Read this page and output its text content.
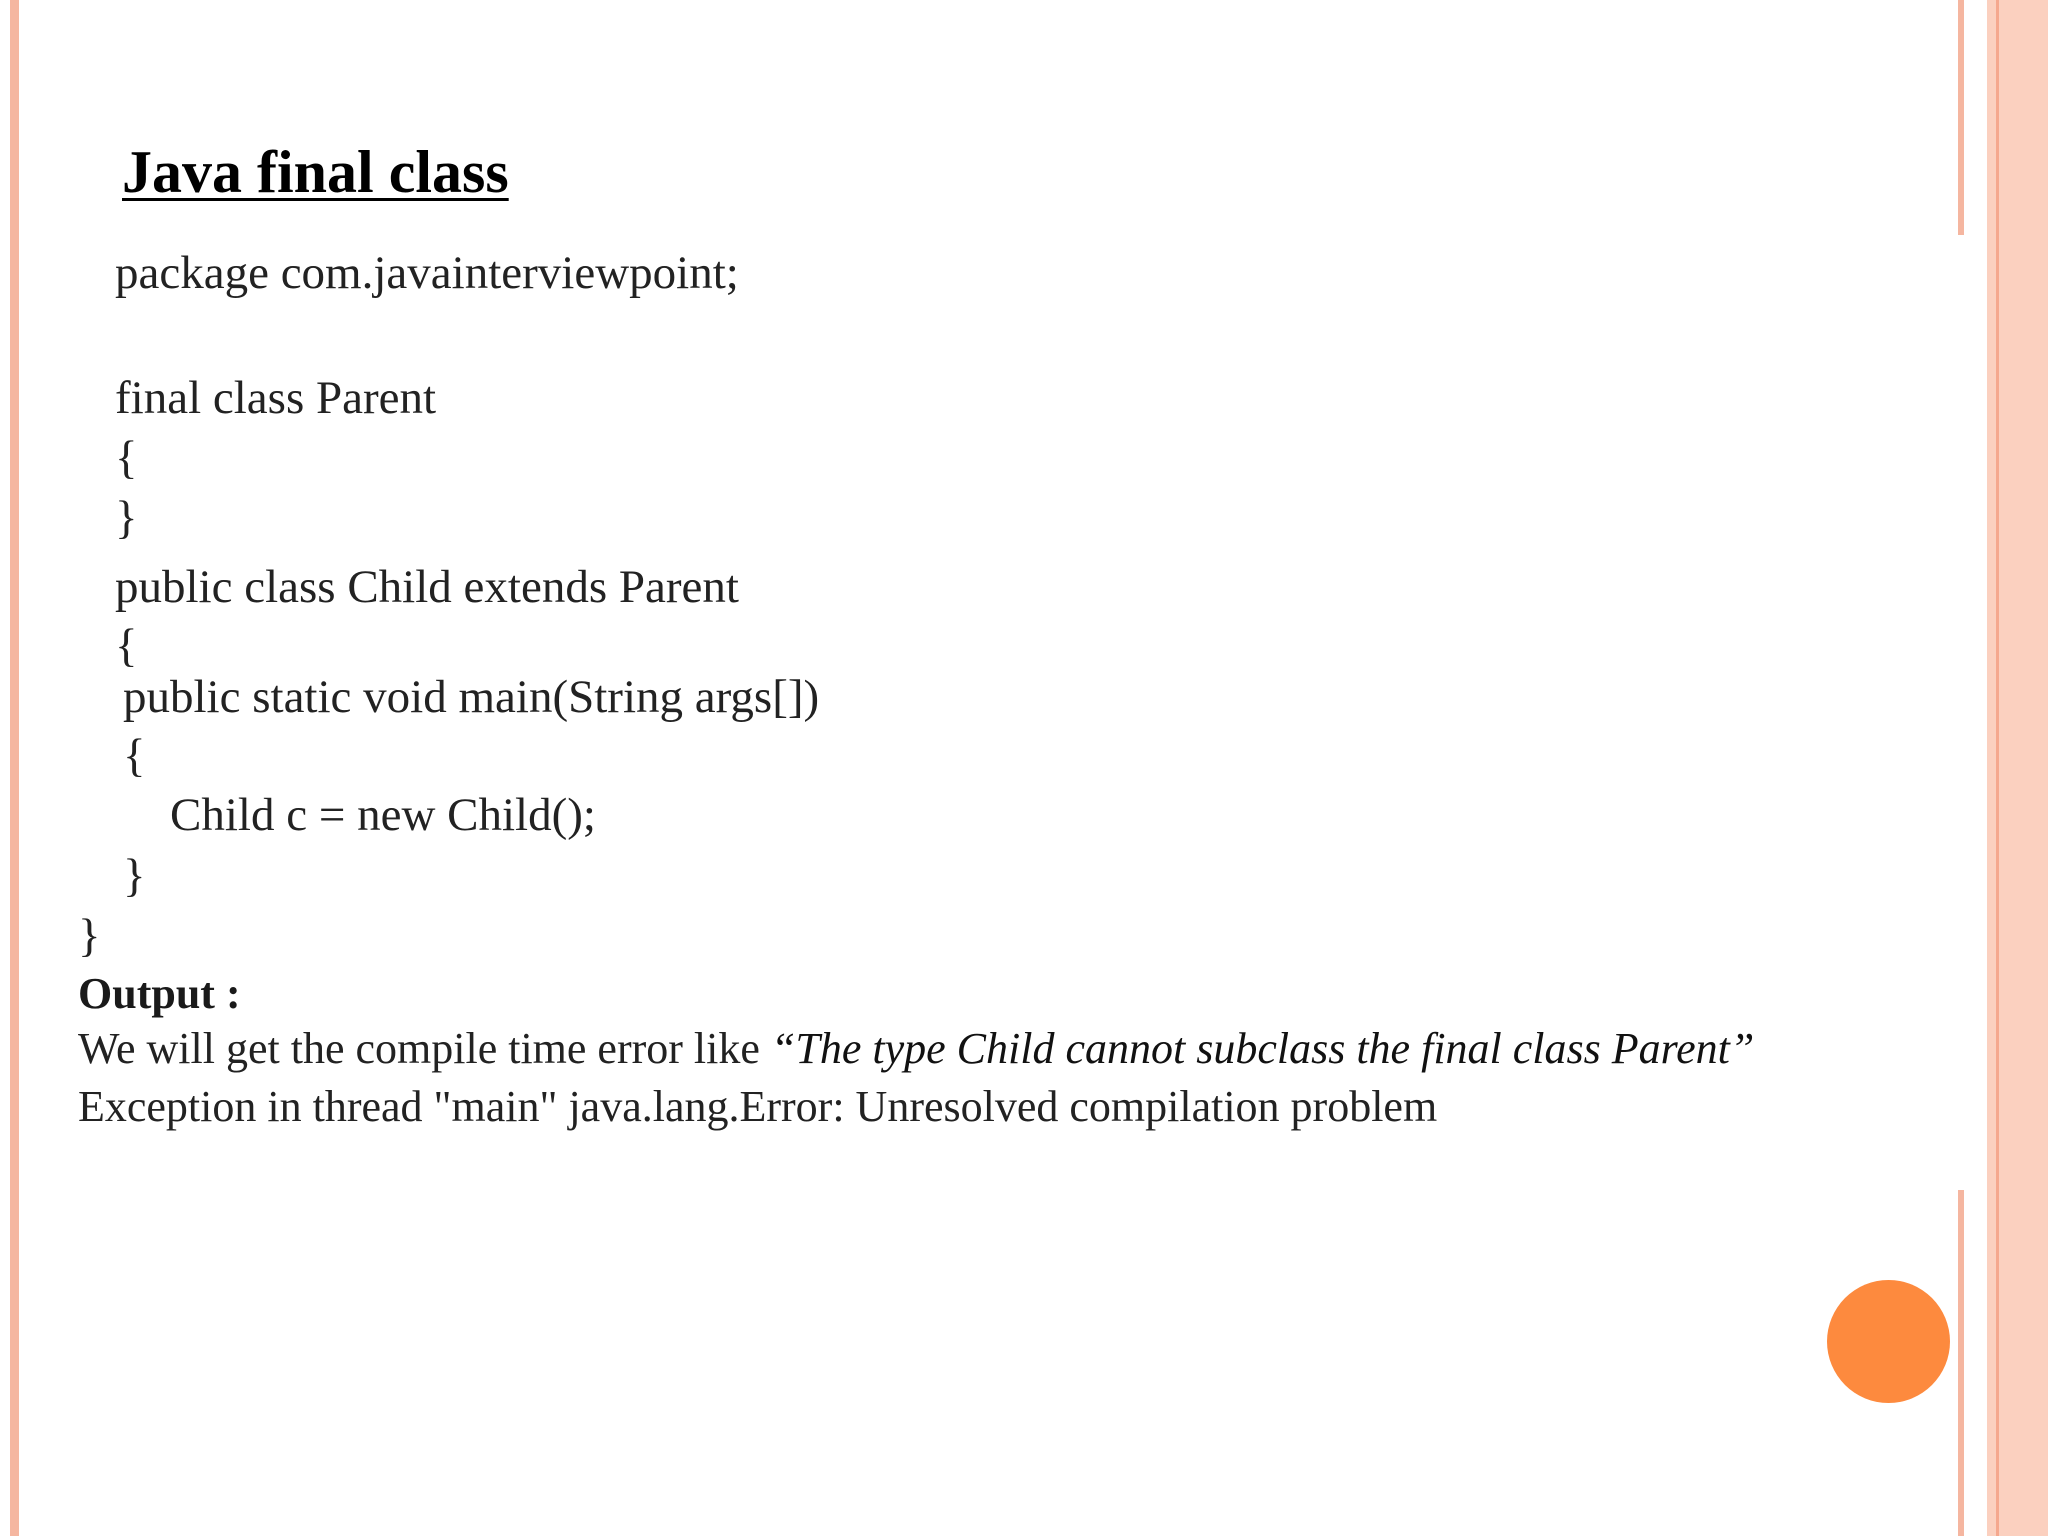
Java final class

package com.javainterviewpoint;

final class Parent

{

}

public class Child extends Parent

{

public static void main(String args[])

{

Child c = new Child();

}

}

Output :

We will get the compile time error like “The type Child cannot subclass the final class Parent”

Exception in thread "main" java.lang.Error: Unresolved compilation problem
